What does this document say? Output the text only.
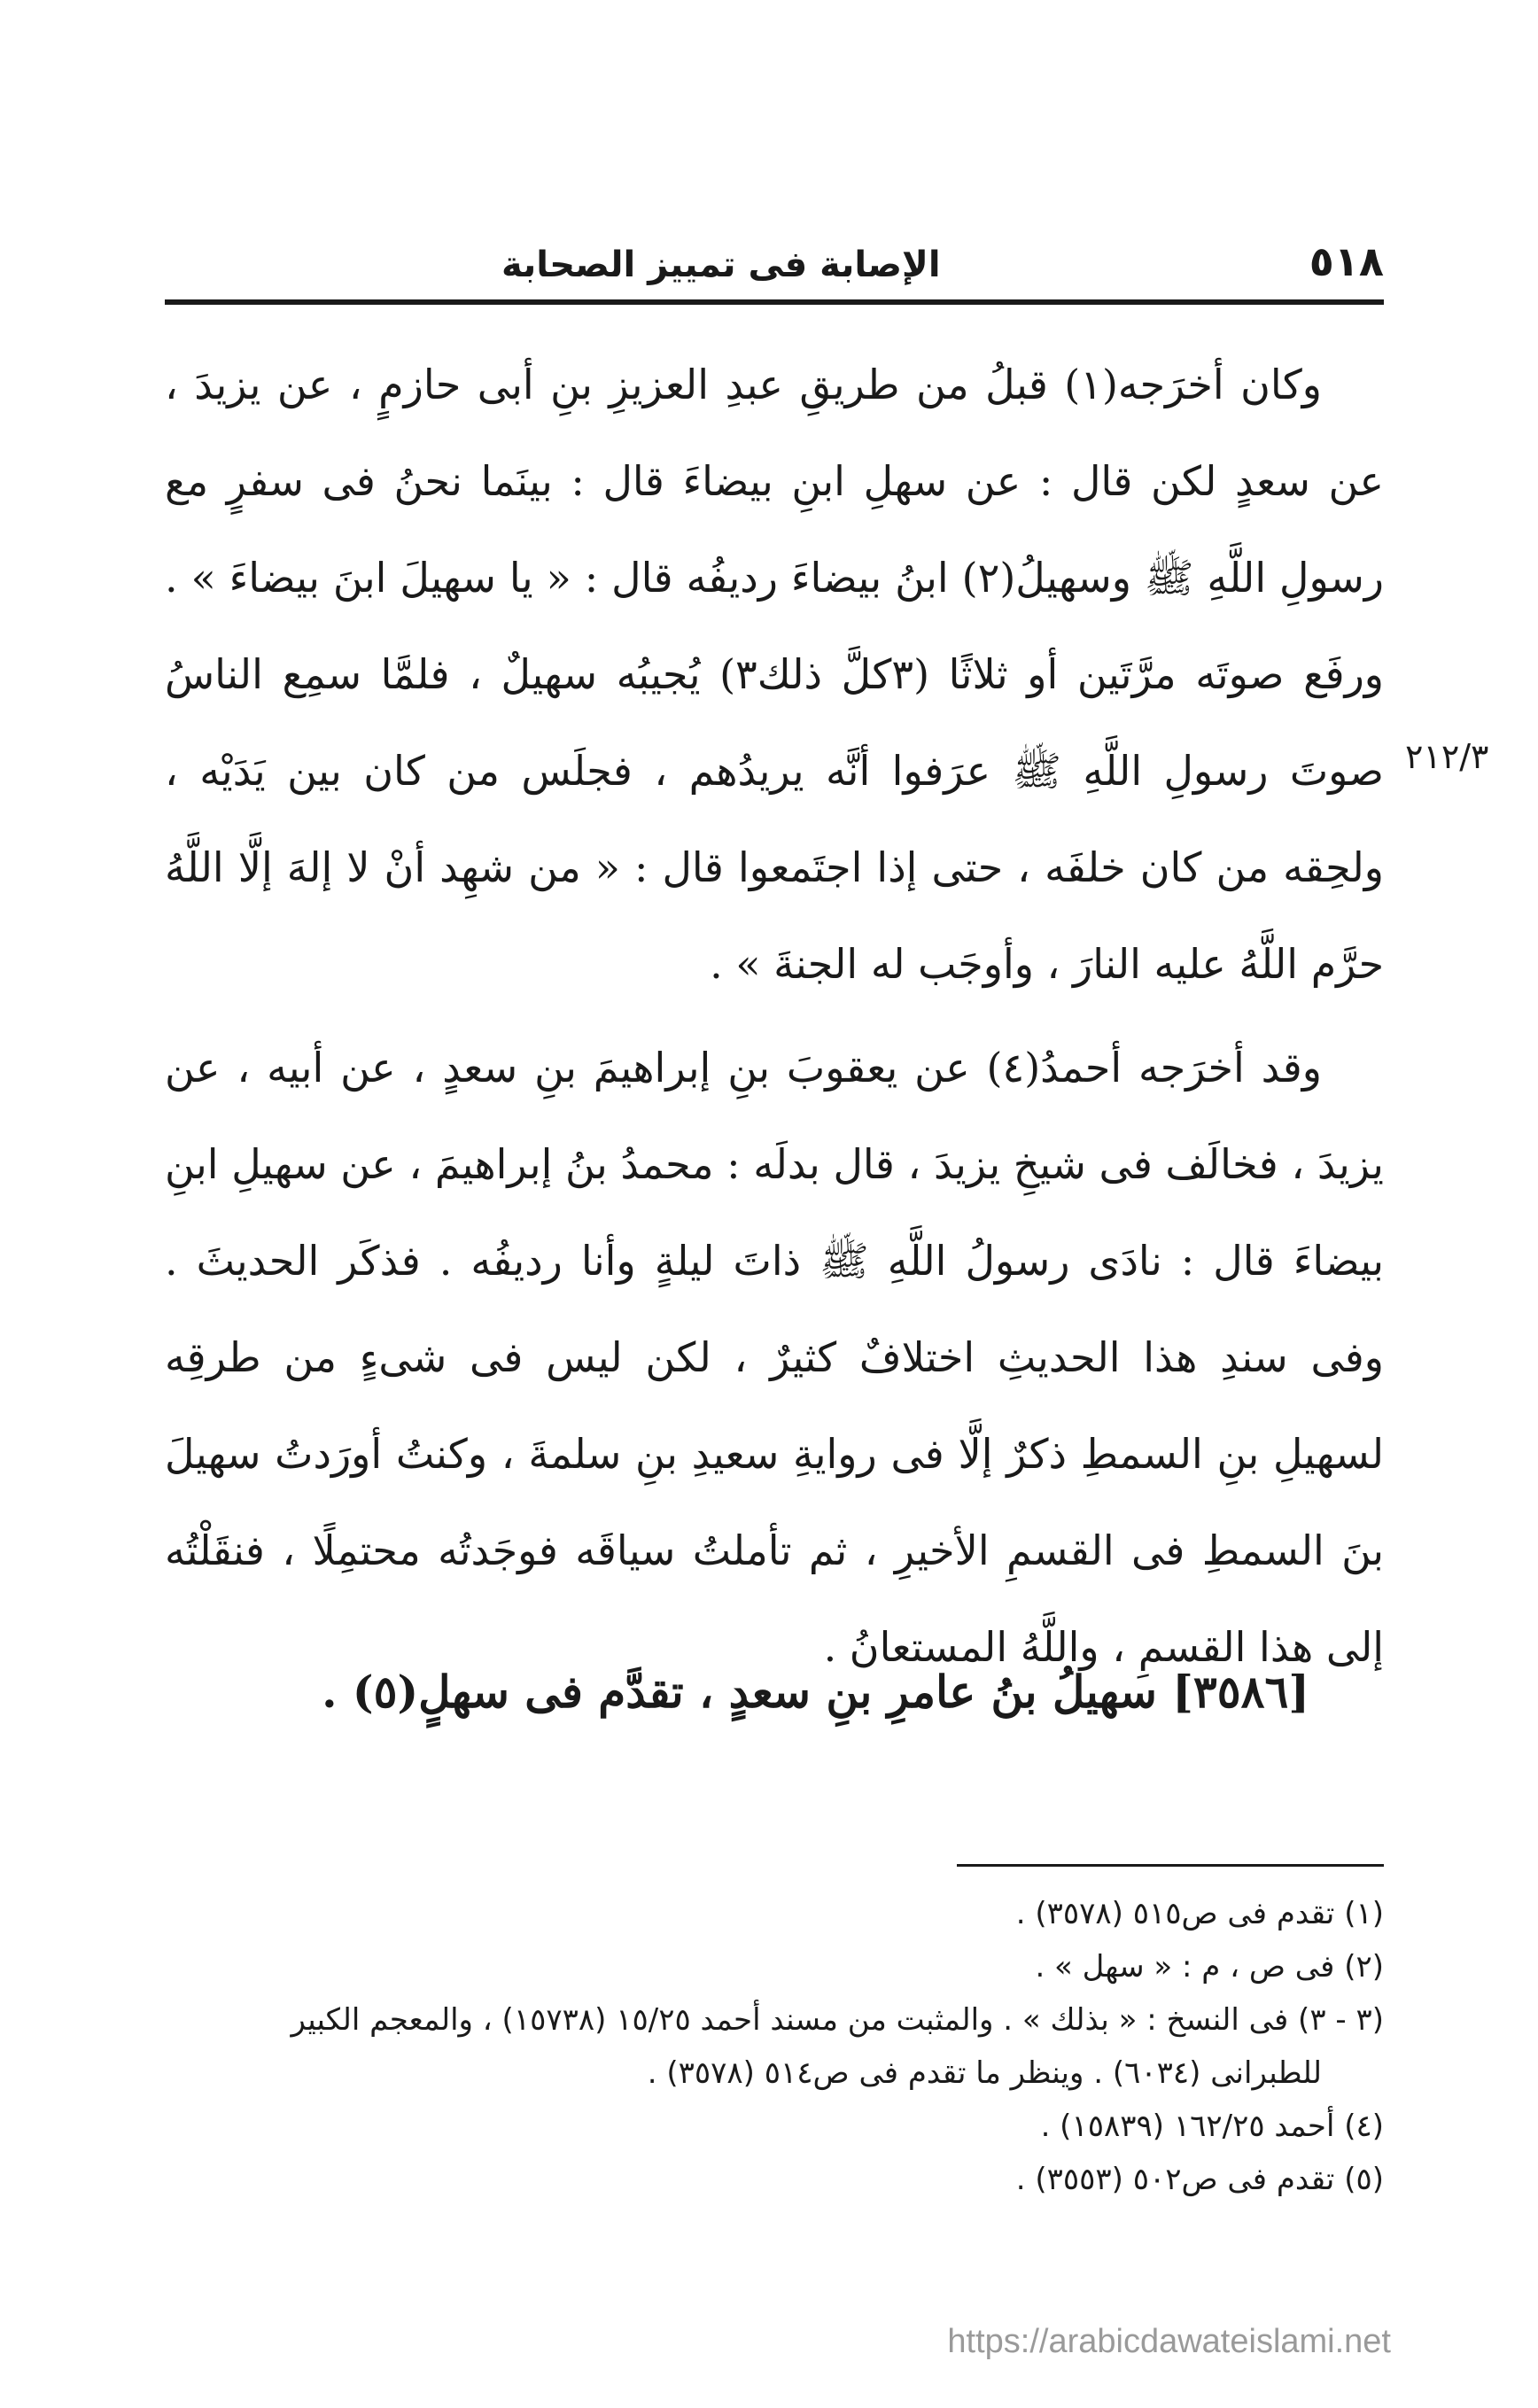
٥١٨
الإصابة فى تمييز الصحابة
٢١٢/٣

وكان أخرَجه(١) قبلُ من طريقِ عبدِ العزيزِ بنِ أبى حازمٍ ، عن يزيدَ ، عن سعدٍ لكن قال : عن سهلِ ابنِ بيضاءَ قال : بينَما نحنُ فى سفرٍ مع رسولِ اللَّهِ ﷺ وسهيلُ(٢) ابنُ بيضاءَ رديفُه قال : « يا سهيلَ ابنَ بيضاءَ » . ورفَع صوتَه مرَّتَين أو ثلاثًا (٣كلَّ ذلك٣) يُجيبُه سهيلٌ ، فلمَّا سمِع الناسُ صوتَ رسولِ اللَّهِ ﷺ عرَفوا أنَّه يريدُهم ، فجلَس من كان بين يَدَيْه ، ولحِقه من كان خلفَه ، حتى إذا اجتَمعوا قال : « من شهِد أنْ لا إلهَ إلَّا اللَّهُ حرَّم اللَّهُ عليه النارَ ، وأوجَب له الجنةَ » .

وقد أخرَجه أحمدُ(٤) عن يعقوبَ بنِ إبراهيمَ بنِ سعدٍ ، عن أبيه ، عن يزيدَ ، فخالَف فى شيخِ يزيدَ ، قال بدلَه : محمدُ بنُ إبراهيمَ ، عن سهيلِ ابنِ بيضاءَ قال : نادَى رسولُ اللَّهِ ﷺ ذاتَ ليلةٍ وأنا رديفُه . فذكَر الحديثَ . وفى سندِ هذا الحديثِ اختلافٌ كثيرٌ ، لكن ليس فى شىءٍ من طرقِه لسهيلِ بنِ السمطِ ذكرٌ إلَّا فى روايةِ سعيدِ بنِ سلمةَ ، وكنتُ أورَدتُ سهيلَ بنَ السمطِ فى القسمِ الأخيرِ ، ثم تأملتُ سياقَه فوجَدتُه محتمِلًا ، فنقَلْتُه إلى هذا القسمِ ، واللَّهُ المستعانُ .

[٣٥٨٦] سهيلُ بنُ عامرِ بنِ سعدٍ ، تقدَّم فى سهلٍ(٥) .

(١) تقدم فى ص٥١٥ (٣٥٧٨) .

(٢) فى ص ، م : « سهل » .

(٣ - ٣) فى النسخ : « بذلك » . والمثبت من مسند أحمد ١٥/٢٥ (١٥٧٣٨) ، والمعجم الكبير

للطبرانى (٦٠٣٤) . وينظر ما تقدم فى ص٥١٤ (٣٥٧٨) .

(٤) أحمد ١٦٢/٢٥ (١٥٨٣٩) .

(٥) تقدم فى ص٥٠٢ (٣٥٥٣) .

https://arabicdawateislami.net
